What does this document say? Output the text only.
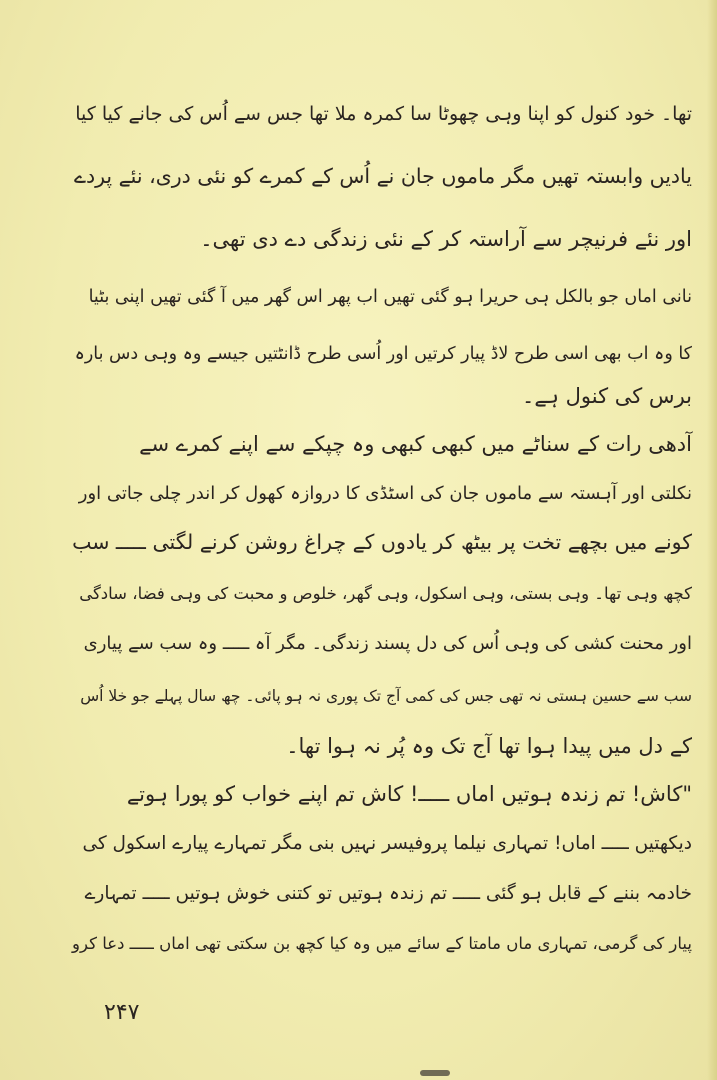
تھا۔ خود کنول کو اپنا وہی چھوٹا سا کمرہ ملا تھا جس سے اُس کی جانے کیا کیا
یادیں وابستہ تھیں مگر ماموں جان نے اُس کے کمرے کو نئی دری، نئے پردے
اور نئے فرنیچر سے آراستہ کر کے نئی زندگی دے دی تھی۔
نانی اماں جو بالکل ہی حریرا ہو گئی تھیں اب پھر اس گھر میں آ گئی تھیں اپنی بٹیا
کا وہ اب بھی اسی طرح لاڈ پیار کرتیں اور اُسی طرح ڈانٹتیں جیسے وہ وہی دس بارہ
برس کی کنول ہے۔
آدھی رات کے سناٹے میں کبھی کبھی وہ چپکے سے اپنے کمرے سے
نکلتی اور آہستہ سے ماموں جان کی اسٹڈی کا دروازہ کھول کر اندر چلی جاتی اور
کونے میں بچھے تخت پر بیٹھ کر یادوں کے چراغ روشن کرنے لگتی ـــــ سب
کچھ وہی تھا۔ وہی بستی، وہی اسکول، وہی گھر، خلوص و محبت کی وہی فضا، سادگی
اور محنت کشی کی وہی اُس کی دل پسند زندگی۔ مگر آہ ـــــ وہ سب سے پیاری
سب سے حسین ہستی نہ تھی جس کی کمی آج تک پوری نہ ہو پائی۔ چھ سال پہلے جو خلا اُس
کے دل میں پیدا ہوا تھا آج تک وہ پُر نہ ہوا تھا۔
"کاش! تم زندہ ہوتیں اماں ـــــ! کاش تم اپنے خواب کو پورا ہوتے
دیکھتیں ـــــ اماں! تمہاری نیلما پروفیسر نہیں بنی مگر تمہارے پیارے اسکول کی
خادمہ بننے کے قابل ہو گئی ـــــ تم زندہ ہوتیں تو کتنی خوش ہوتیں ـــــ تمہارے
پیار کی گرمی، تمہاری ماں مامتا کے سائے میں وہ کیا کچھ بن سکتی تھی اماں ـــــ دعا کرو
۲۴۷
